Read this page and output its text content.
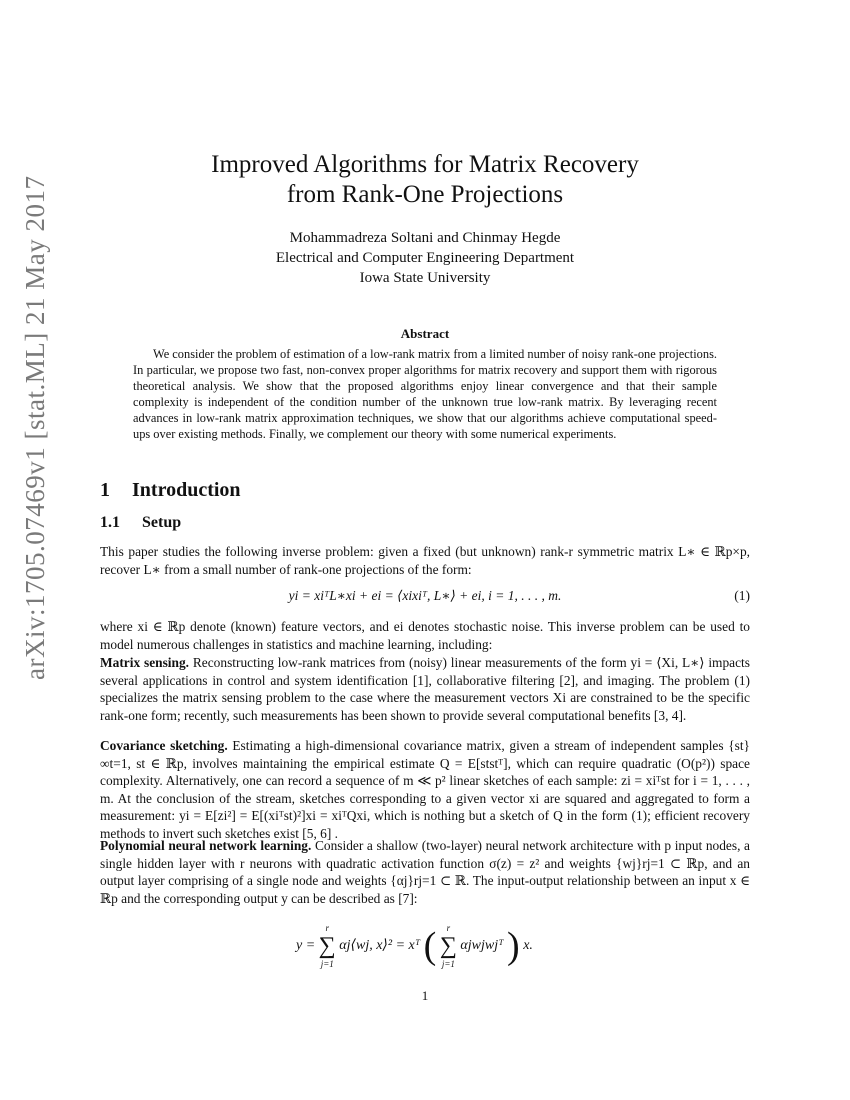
arXiv:1705.07469v1 [stat.ML] 21 May 2017
Improved Algorithms for Matrix Recovery
from Rank-One Projections
Mohammadreza Soltani and Chinmay Hegde
Electrical and Computer Engineering Department
Iowa State University
Abstract
We consider the problem of estimation of a low-rank matrix from a limited number of noisy rank-one projections. In particular, we propose two fast, non-convex proper algorithms for matrix recovery and support them with rigorous theoretical analysis. We show that the proposed algorithms enjoy linear convergence and that their sample complexity is independent of the condition number of the unknown true low-rank matrix. By leveraging recent advances in low-rank matrix approximation techniques, we show that our algorithms achieve computational speed-ups over existing methods. Finally, we complement our theory with some numerical experiments.
1 Introduction
1.1 Setup
This paper studies the following inverse problem: given a fixed (but unknown) rank-r symmetric matrix L∗ ∈ ℝp×p, recover L∗ from a small number of rank-one projections of the form:
yi = xiᵀL∗xi + ei = ⟨xixiᵀ, L∗⟩ + ei, i = 1, . . . , m.	(1)
where xi ∈ ℝp denote (known) feature vectors, and ei denotes stochastic noise. This inverse problem can be used to model numerous challenges in statistics and machine learning, including:
Matrix sensing. Reconstructing low-rank matrices from (noisy) linear measurements of the form yi = ⟨Xi, L∗⟩ impacts several applications in control and system identification [1], collaborative filtering [2], and imaging. The problem (1) specializes the matrix sensing problem to the case where the measurement vectors Xi are constrained to be the specific rank-one form; recently, such measurements has been shown to provide several computational benefits [3, 4].
Covariance sketching. Estimating a high-dimensional covariance matrix, given a stream of independent samples {st}∞t=1, st ∈ ℝp, involves maintaining the empirical estimate Q = E[ststᵀ], which can require quadratic (O(p²)) space complexity. Alternatively, one can record a sequence of m ≪ p² linear sketches of each sample: zi = xiᵀst for i = 1, . . . , m. At the conclusion of the stream, sketches corresponding to a given vector xi are squared and aggregated to form a measurement: yi = E[zi²] = E[(xiᵀst)²]xi = xiᵀQxi, which is nothing but a sketch of Q in the form (1); efficient recovery methods to invert such sketches exist [5, 6] .
Polynomial neural network learning. Consider a shallow (two-layer) neural network architecture with p input nodes, a single hidden layer with r neurons with quadratic activation function σ(z) = z² and weights {wj}rj=1 ⊂ ℝp, and an output layer comprising of a single node and weights {αj}rj=1 ⊂ ℝ. The input-output relationship between an input x ∈ ℝp and the corresponding output y can be described as [7]:
y =
r
∑
j=1
αj⟨wj, x⟩² = xᵀ (	r
∑
j=1
αjwjwjᵀ ) x.
1
